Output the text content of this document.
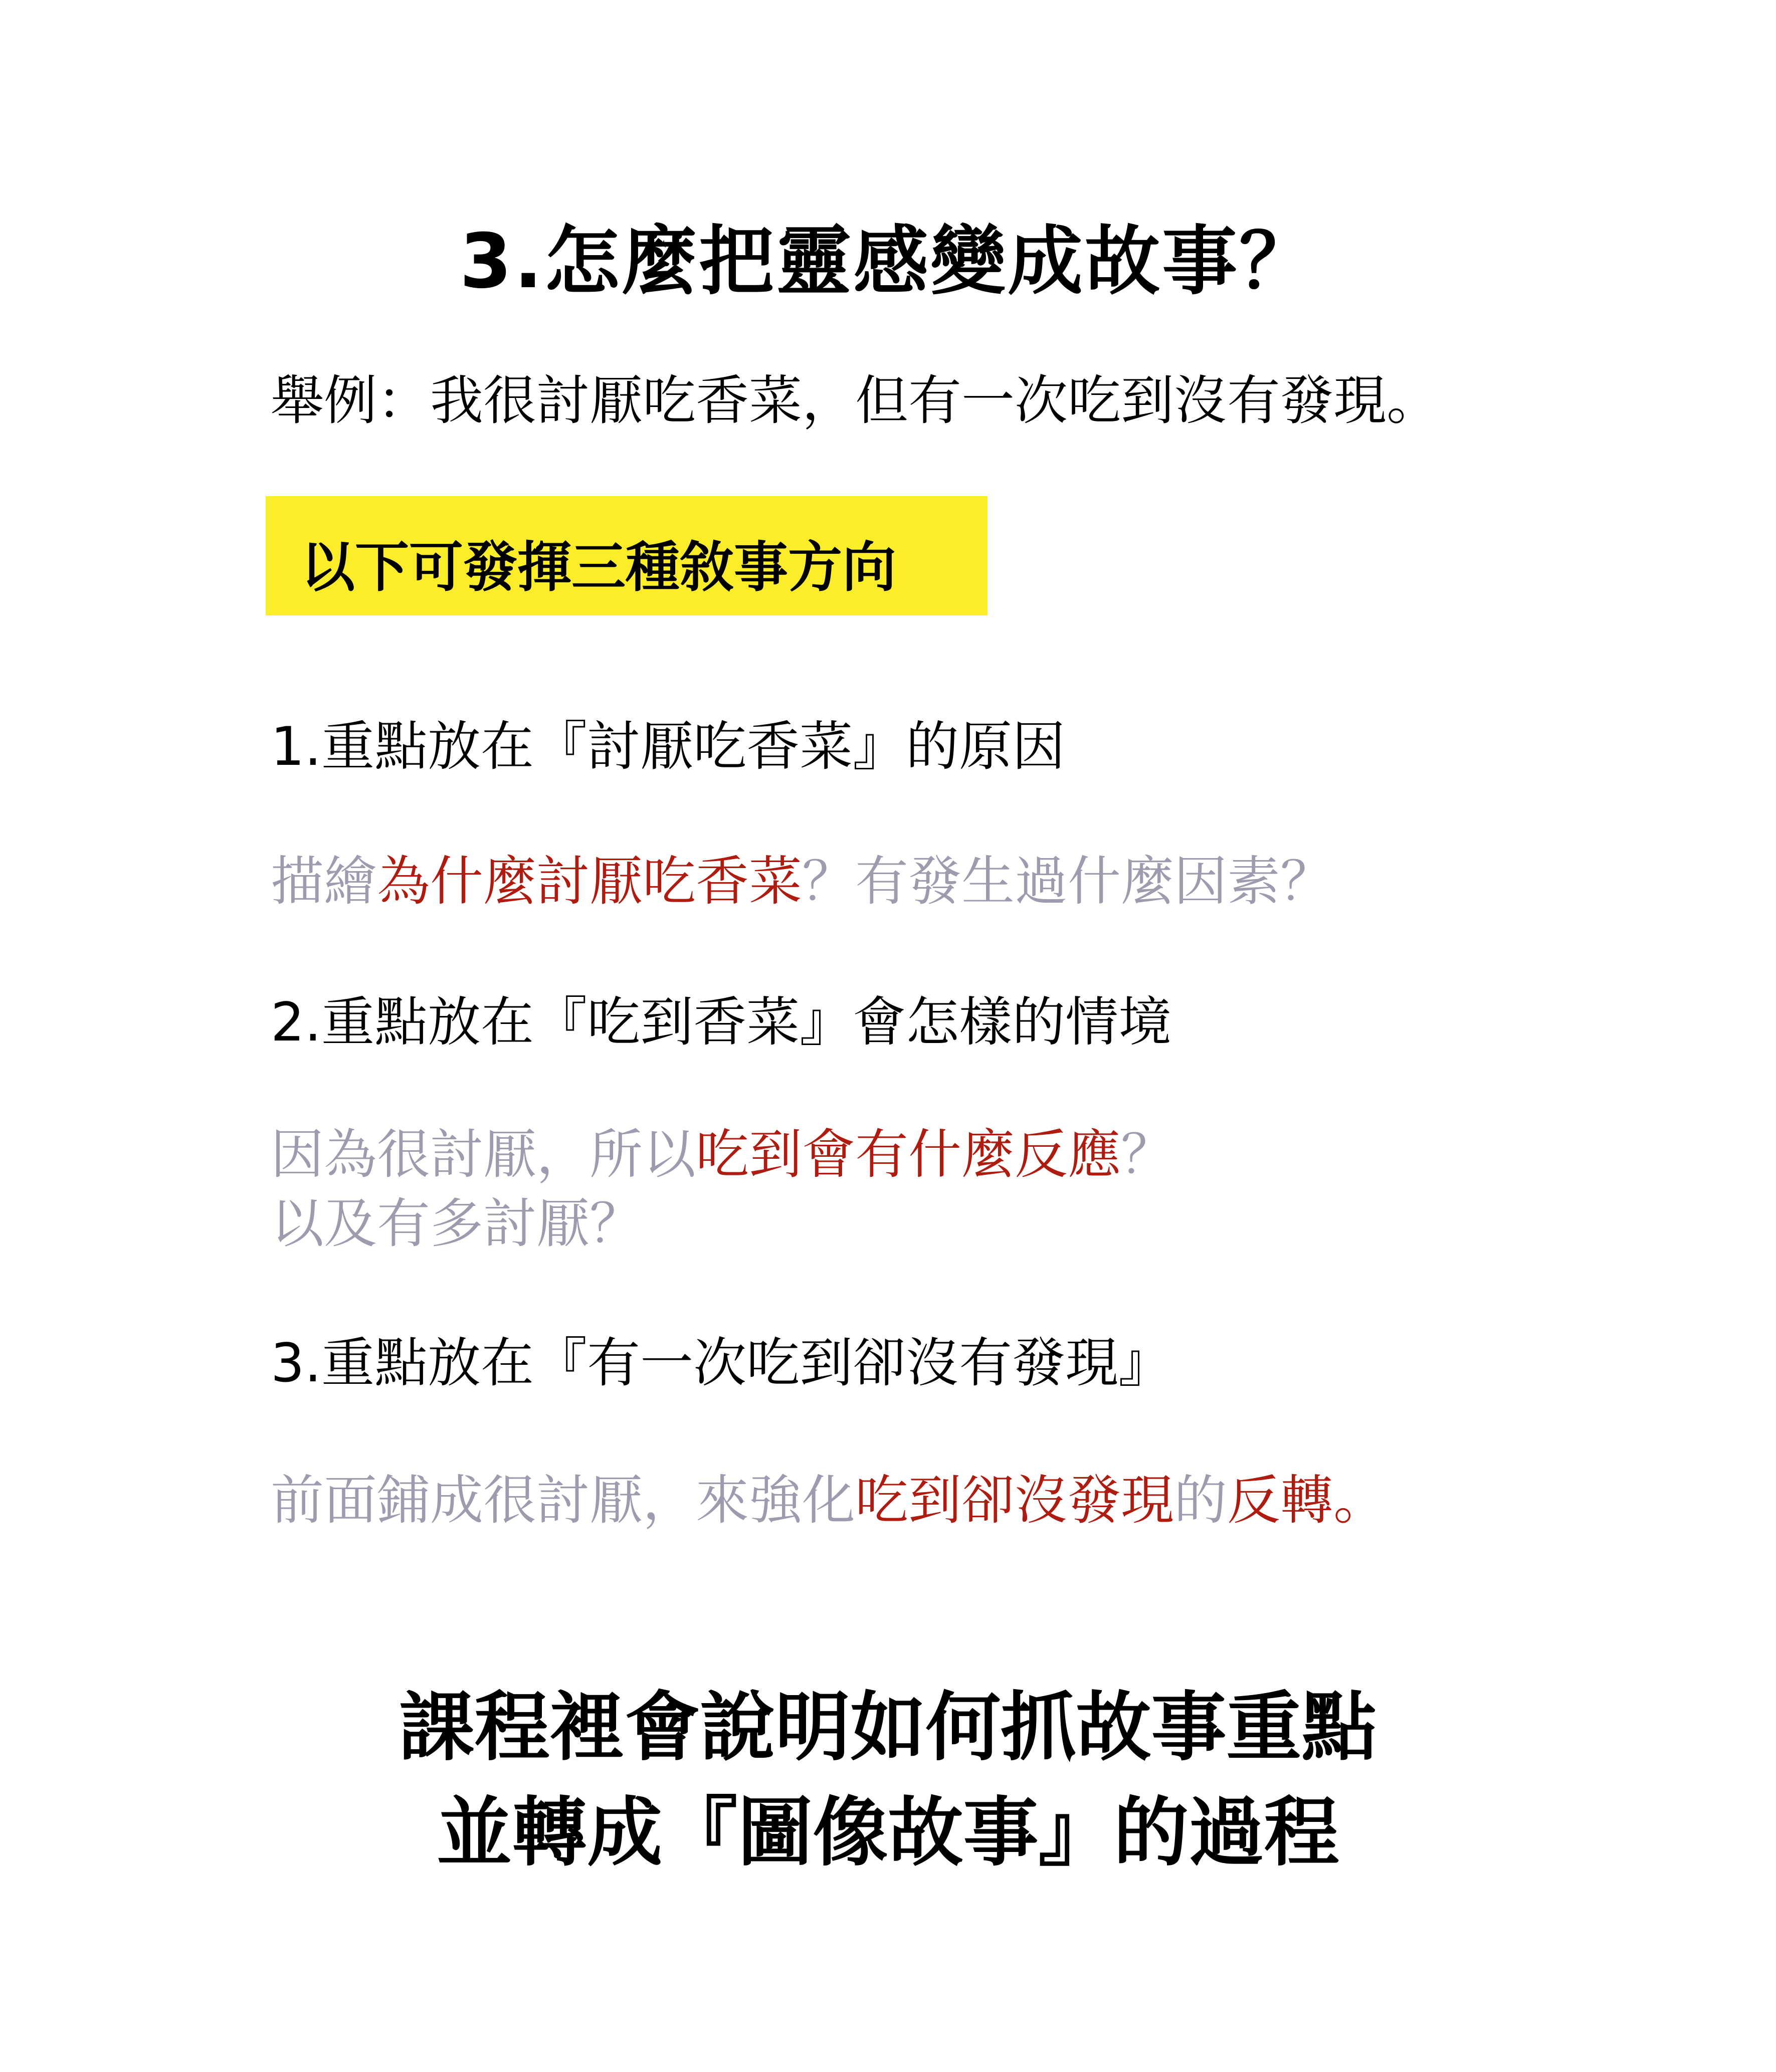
3.怎麼把靈感變成故事？
舉例：我很討厭吃香菜，但有一次吃到沒有發現。
以下可發揮三種敘事方向
1.重點放在『討厭吃香菜』的原因
描繪為什麼討厭吃香菜？有發生過什麼因素？
2.重點放在『吃到香菜』會怎樣的情境
因為很討厭，所以吃到會有什麼反應？
以及有多討厭？
3.重點放在『有一次吃到卻沒有發現』
前面鋪成很討厭，來強化吃到卻沒發現的反轉。
課程裡會說明如何抓故事重點
並轉成『圖像故事』的過程
